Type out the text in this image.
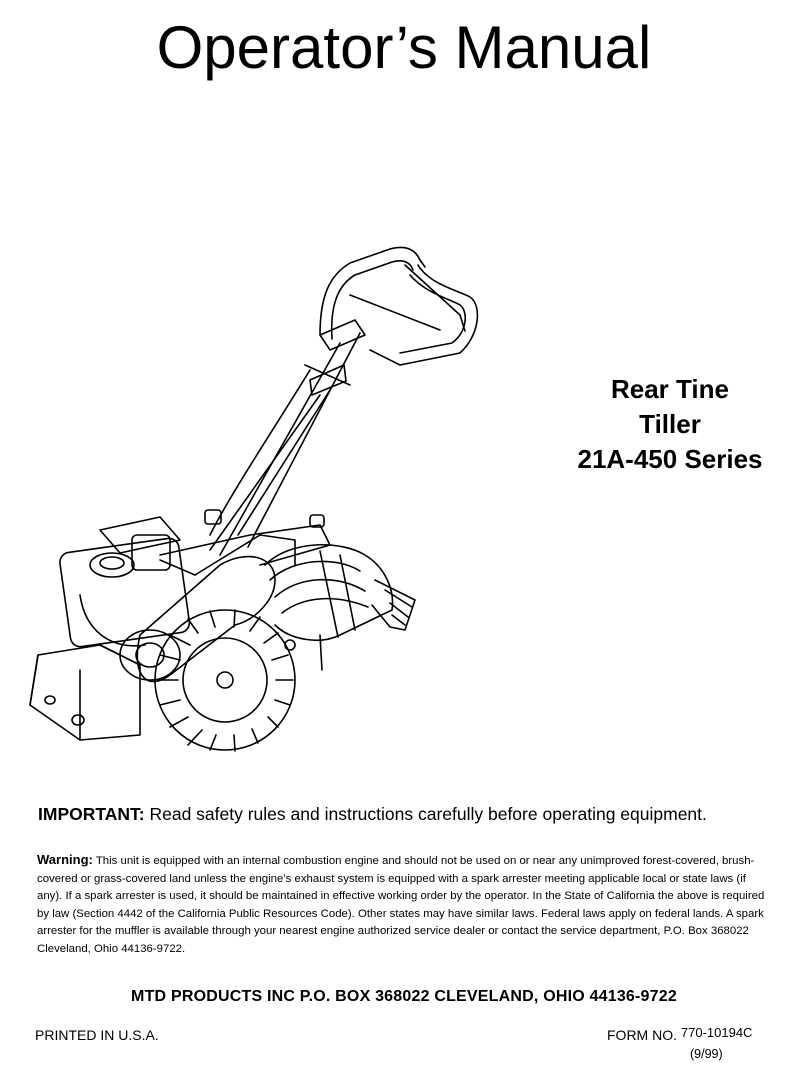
Operator’s Manual
Rear Tine
Tiller
21A-450 Series
IMPORTANT: Read safety rules and instructions carefully before operating equipment.
Warning: This unit is equipped with an internal combustion engine and should not be used on or near any unimproved forest-covered, brush-covered or grass-covered land unless the engine’s exhaust system is equipped with a spark arrester meeting applicable local or state laws (if any). If a spark arrester is used, it should be maintained in effective working order by the operator. In the State of California the above is required by law (Section 4442 of the California Public Resources Code). Other states may have similar laws. Federal laws apply on federal lands. A spark arrester for the muffler is available through your nearest engine authorized service dealer or contact the service department, P.O. Box 368022 Cleveland, Ohio 44136-9722.
MTD PRODUCTS INC P.O. BOX 368022 CLEVELAND, OHIO 44136-9722
PRINTED IN U.S.A.	FORM NO. 770-10194C
(9/99)
